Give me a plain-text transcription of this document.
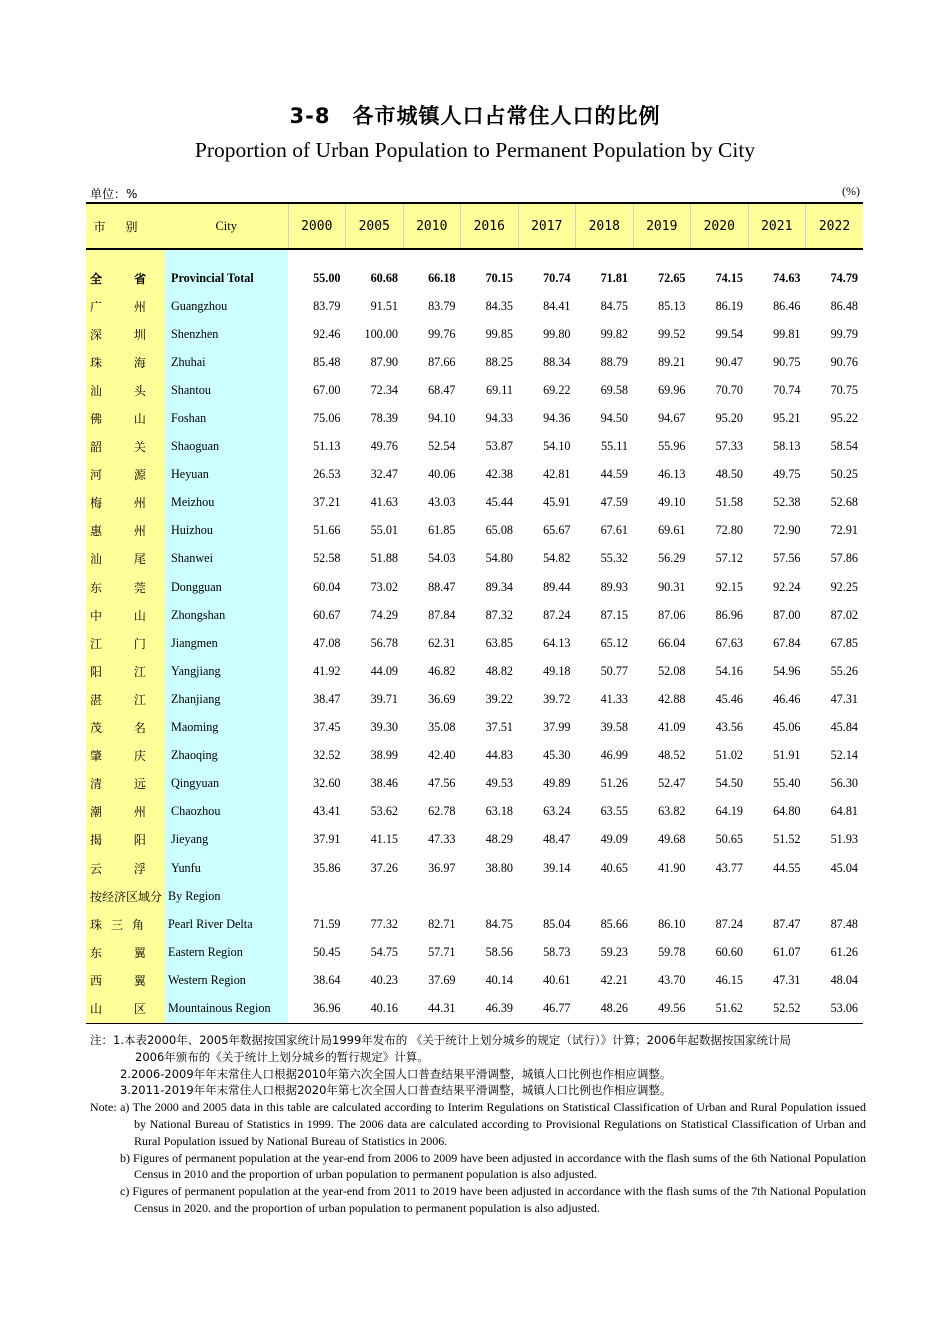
3-8　各市城镇人口占常住人口的比例
Proportion of Urban Population to Permanent Population by City
单位：%	(%)
市别	City	2000	2005	2010	2016	2017	2018	2019	2020	2021	2022

全 省	Provincial Total	55.00	60.68	66.18	70.15	70.74	71.81	72.65	74.15	74.63	74.79
广 州	Guangzhou	83.79	91.51	83.79	84.35	84.41	84.75	85.13	86.19	86.46	86.48
深 圳	Shenzhen	92.46	100.00	99.76	99.85	99.80	99.82	99.52	99.54	99.81	99.79
珠 海	Zhuhai	85.48	87.90	87.66	88.25	88.34	88.79	89.21	90.47	90.75	90.76
汕 头	Shantou	67.00	72.34	68.47	69.11	69.22	69.58	69.96	70.70	70.74	70.75
佛 山	Foshan	75.06	78.39	94.10	94.33	94.36	94.50	94.67	95.20	95.21	95.22
韶 关	Shaoguan	51.13	49.76	52.54	53.87	54.10	55.11	55.96	57.33	58.13	58.54
河 源	Heyuan	26.53	32.47	40.06	42.38	42.81	44.59	46.13	48.50	49.75	50.25
梅 州	Meizhou	37.21	41.63	43.03	45.44	45.91	47.59	49.10	51.58	52.38	52.68
惠 州	Huizhou	51.66	55.01	61.85	65.08	65.67	67.61	69.61	72.80	72.90	72.91
汕 尾	Shanwei	52.58	51.88	54.03	54.80	54.82	55.32	56.29	57.12	57.56	57.86
东 莞	Dongguan	60.04	73.02	88.47	89.34	89.44	89.93	90.31	92.15	92.24	92.25
中 山	Zhongshan	60.67	74.29	87.84	87.32	87.24	87.15	87.06	86.96	87.00	87.02
江 门	Jiangmen	47.08	56.78	62.31	63.85	64.13	65.12	66.04	67.63	67.84	67.85
阳 江	Yangjiang	41.92	44.09	46.82	48.82	49.18	50.77	52.08	54.16	54.96	55.26
湛 江	Zhanjiang	38.47	39.71	36.69	39.22	39.72	41.33	42.88	45.46	46.46	47.31
茂 名	Maoming	37.45	39.30	35.08	37.51	37.99	39.58	41.09	43.56	45.06	45.84
肇 庆	Zhaoqing	32.52	38.99	42.40	44.83	45.30	46.99	48.52	51.02	51.91	52.14
清 远	Qingyuan	32.60	38.46	47.56	49.53	49.89	51.26	52.47	54.50	55.40	56.30
潮 州	Chaozhou	43.41	53.62	62.78	63.18	63.24	63.55	63.82	64.19	64.80	64.81
揭 阳	Jieyang	37.91	41.15	47.33	48.29	48.47	49.09	49.68	50.65	51.52	51.93
云 浮	Yunfu	35.86	37.26	36.97	38.80	39.14	40.65	41.90	43.77	44.55	45.04
按经济区域分	By Region										
珠三角	Pearl River Delta	71.59	77.32	82.71	84.75	85.04	85.66	86.10	87.24	87.47	87.48
东 翼	Eastern Region	50.45	54.75	57.71	58.56	58.73	59.23	59.78	60.60	61.07	61.26
西 翼	Western Region	38.64	40.23	37.69	40.14	40.61	42.21	43.70	46.15	47.31	48.04
山 区	Mountainous Region	36.96	40.16	44.31	46.39	46.77	48.26	49.56	51.62	52.52	53.06
注：1.本表2000年、2005年数据按国家统计局1999年发布的 《关于统计上划分城乡的规定（试行）》计算；2006年起数据按国家统计局
2006年颁布的《关于统计上划分城乡的暂行规定》计算。
2.2006-2009年年末常住人口根据2010年第六次全国人口普查结果平滑调整，城镇人口比例也作相应调整。
3.2011-2019年年末常住人口根据2020年第七次全国人口普查结果平滑调整，城镇人口比例也作相应调整。
Note: a) The 2000 and 2005 data in this table are calculated according to Interim Regulations on Statistical Classification of Urban and Rural Population issued by National Bureau of Statistics in 1999. The 2006 data are calculated according to Provisional Regulations on Statistical Classification of Urban and Rural Population issued by National Bureau of Statistics in 2006.
b) Figures of permanent population at the year-end from 2006 to 2009 have been adjusted in accordance with the flash sums of the 6th National Population Census in 2010 and the proportion of urban population to permanent population is also adjusted.
c) Figures of permanent population at the year-end from 2011 to 2019 have been adjusted in accordance with the flash sums of the 7th National Population Census in 2020. and the proportion of urban population to permanent population is also adjusted.
